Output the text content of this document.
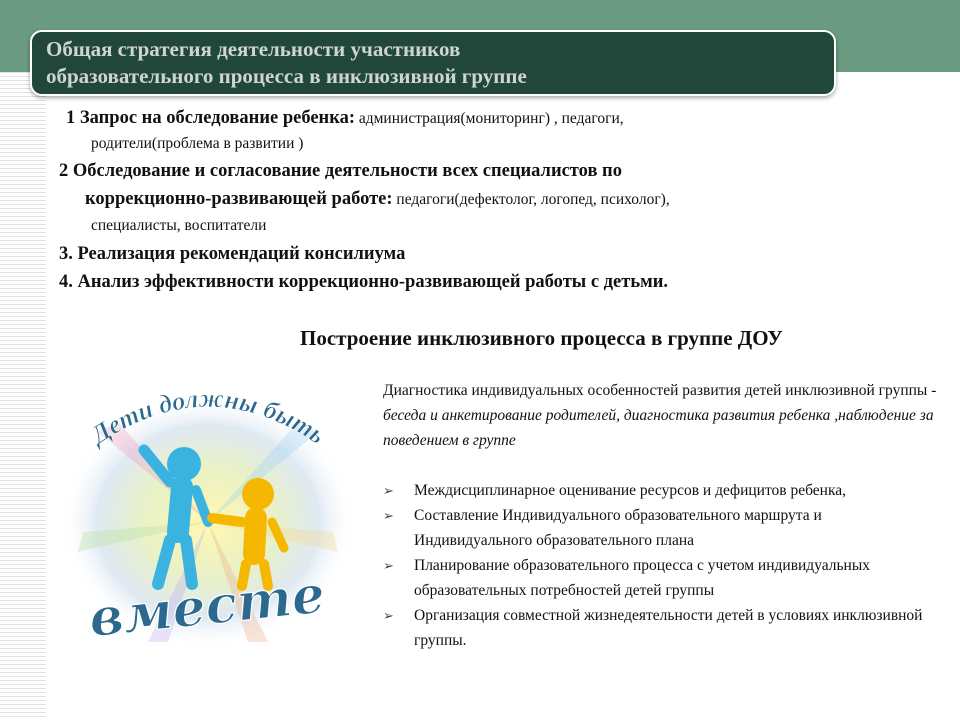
Общая стратегия деятельности участников
образовательного процесса в инклюзивной группе

1 Запрос на обследование ребенка: администрация(мониторинг) , педагоги,

родители(проблема в развитии )

2 Обследование и согласование деятельности всех специалистов по

коррекционно-развивающей работе: педагоги(дефектолог, логопед, психолог),

специалисты, воспитатели

3. Реализация рекомендаций консилиума

4. Анализ эффективности коррекционно-развивающей работы с детьми.

Построение инклюзивного процесса в группе ДОУ
Дети должны быть
вместе

Диагностика индивидуальных особенностей развития детей инклюзивной группы - беседа и анкетирование родителей, диагностика развития ребенка ,наблюдение за поведением в группе

➢ Междисциплинарное оценивание ресурсов и дефицитов ребенка,
➢ Составление Индивидуального образовательного маршрута и Индивидуального образовательного плана
➢ Планирование образовательного процесса с учетом индивидуальных образовательных потребностей детей группы
➢ Организация совместной жизнедеятельности детей в условиях инклюзивной группы.
